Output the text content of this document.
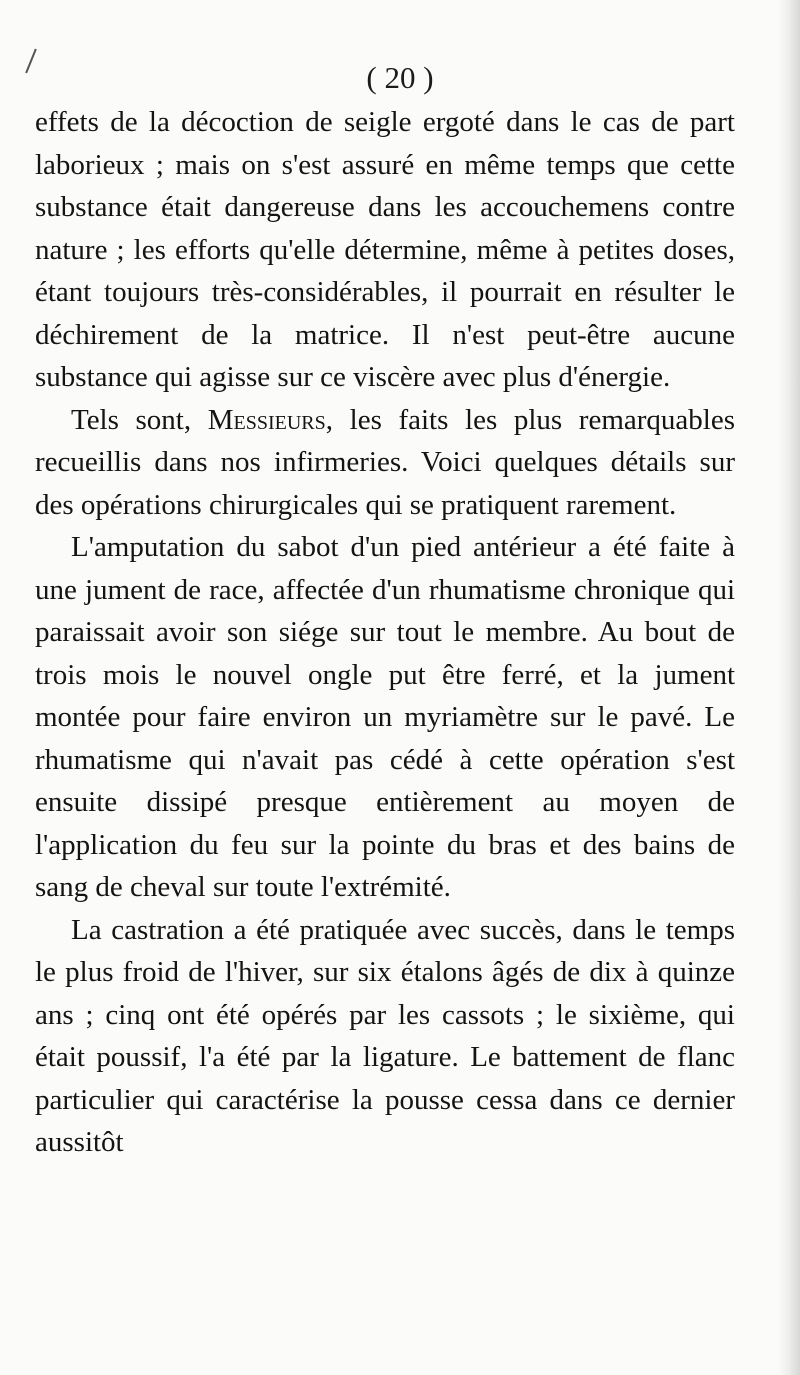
( 20 )

effets de la décoction de seigle ergoté dans le cas de part laborieux ; mais on s'est assuré en même temps que cette substance était dangereuse dans les accouchemens contre nature ; les efforts qu'elle détermine, même à petites doses, étant toujours très-considérables, il pourrait en résulter le déchirement de la matrice. Il n'est peut-être aucune substance qui agisse sur ce viscère avec plus d'énergie.

Tels sont, Messieurs, les faits les plus remarquables recueillis dans nos infirmeries. Voici quelques détails sur des opérations chirurgicales qui se pratiquent rarement.

L'amputation du sabot d'un pied antérieur a été faite à une jument de race, affectée d'un rhumatisme chronique qui paraissait avoir son siége sur tout le membre. Au bout de trois mois le nouvel ongle put être ferré, et la jument montée pour faire environ un myriamètre sur le pavé. Le rhumatisme qui n'avait pas cédé à cette opération s'est ensuite dissipé presque entièrement au moyen de l'application du feu sur la pointe du bras et des bains de sang de cheval sur toute l'extrémité.

La castration a été pratiquée avec succès, dans le temps le plus froid de l'hiver, sur six étalons âgés de dix à quinze ans ; cinq ont été opérés par les cassots ; le sixième, qui était poussif, l'a été par la ligature. Le battement de flanc particulier qui caractérise la pousse cessa dans ce dernier aussitôt
